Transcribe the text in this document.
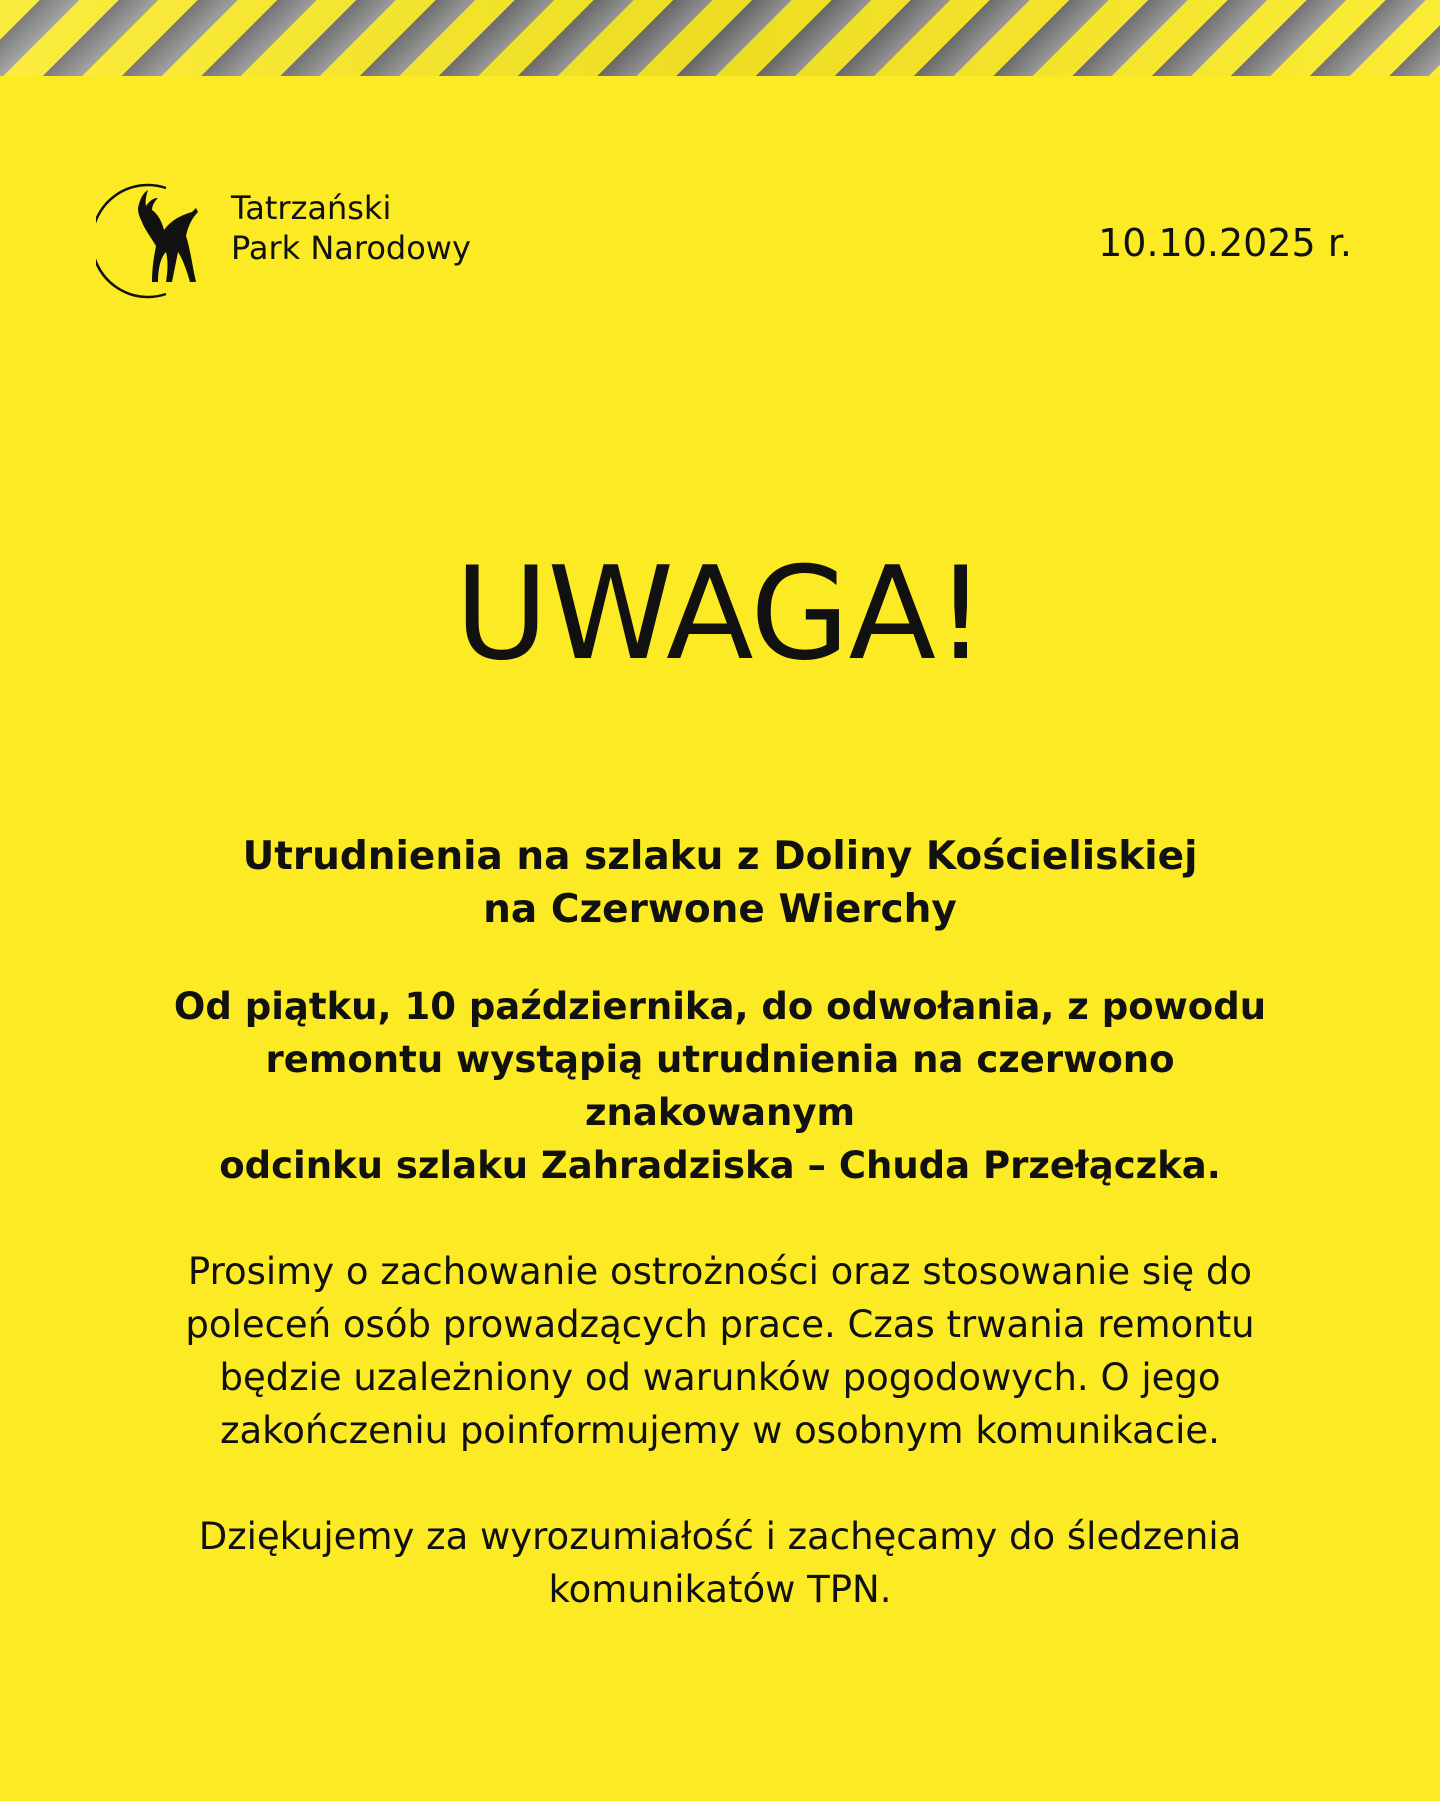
Tatrzański
Park Narodowy	10.10.2025 r.
UWAGA!
Utrudnienia na szlaku z Doliny Kościeliskiej
na Czerwone Wierchy
Od piątku, 10 października, do odwołania, z powodu
remontu wystąpią utrudnienia na czerwono znakowanym
odcinku szlaku Zahradziska – Chuda Przełączka.
Prosimy o zachowanie ostrożności oraz stosowanie się do
poleceń osób prowadzących prace. Czas trwania remontu
będzie uzależniony od warunków pogodowych. O jego
zakończeniu poinformujemy w osobnym komunikacie.
Dziękujemy za wyrozumiałość i zachęcamy do śledzenia
komunikatów TPN.
